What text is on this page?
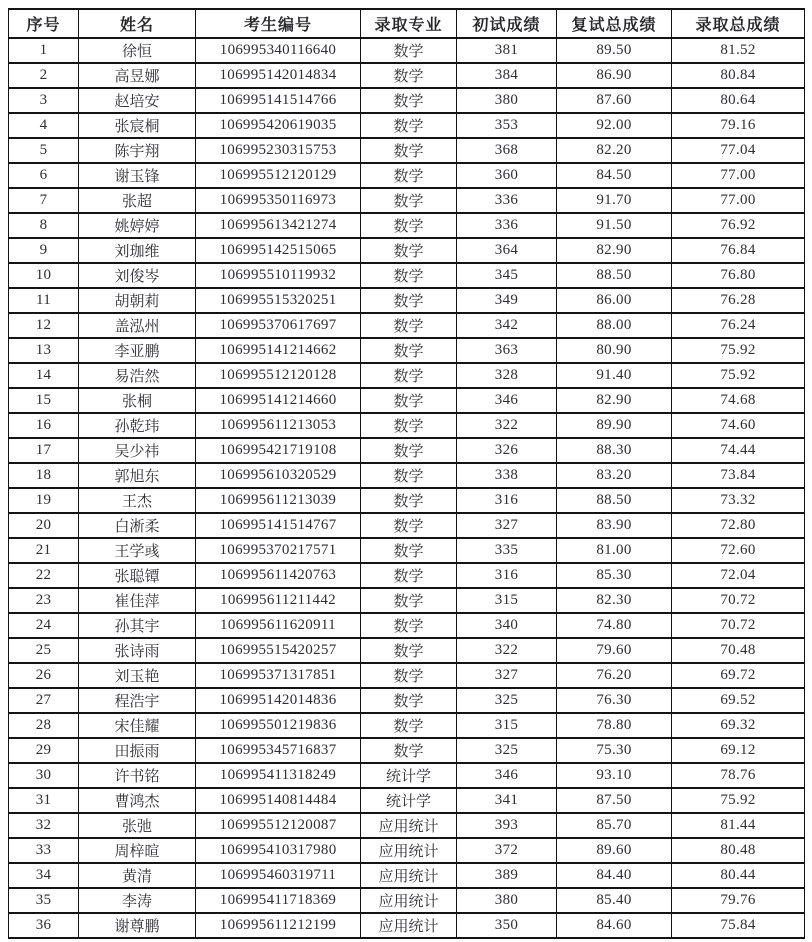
序号	姓名	考生编号	录取专业	初试成绩	复试总成绩	录取总成绩
1	徐恒	106995340116640	数学	381	89.50	81.52
2	高昱娜	106995142014834	数学	384	86.90	80.84
3	赵培安	106995141514766	数学	380	87.60	80.64
4	张宸桐	106995420619035	数学	353	92.00	79.16
5	陈宇翔	106995230315753	数学	368	82.20	77.04
6	谢玉锋	106995512120129	数学	360	84.50	77.00
7	张超	106995350116973	数学	336	91.70	77.00
8	姚婷婷	106995613421274	数学	336	91.50	76.92
9	刘珈维	106995142515065	数学	364	82.90	76.84
10	刘俊岑	106995510119932	数学	345	88.50	76.80
11	胡朝莉	106995515320251	数学	349	86.00	76.28
12	盖泓州	106995370617697	数学	342	88.00	76.24
13	李亚鹏	106995141214662	数学	363	80.90	75.92
14	易浩然	106995512120128	数学	328	91.40	75.92
15	张桐	106995141214660	数学	346	82.90	74.68
16	孙乾玮	106995611213053	数学	322	89.90	74.60
17	吴少祎	106995421719108	数学	326	88.30	74.44
18	郭旭东	106995610320529	数学	338	83.20	73.84
19	王杰	106995611213039	数学	316	88.50	73.32
20	白淅柔	106995141514767	数学	327	83.90	72.80
21	王学彧	106995370217571	数学	335	81.00	72.60
22	张聪镡	106995611420763	数学	316	85.30	72.04
23	崔佳萍	106995611211442	数学	315	82.30	70.72
24	孙其宇	106995611620911	数学	340	74.80	70.72
25	张诗雨	106995515420257	数学	322	79.60	70.48
26	刘玉艳	106995371317851	数学	327	76.20	69.72
27	程浩宇	106995142014836	数学	325	76.30	69.52
28	宋佳耀	106995501219836	数学	315	78.80	69.32
29	田振雨	106995345716837	数学	325	75.30	69.12
30	许书铭	106995411318249	统计学	346	93.10	78.76
31	曹鸿杰	106995140814484	统计学	341	87.50	75.92
32	张弛	106995512120087	应用统计	393	85.70	81.44
33	周梓暄	106995410317980	应用统计	372	89.60	80.48
34	黄清	106995460319711	应用统计	389	84.40	80.44
35	李涛	106995411718369	应用统计	380	85.40	79.76
36	谢尊鹏	106995611212199	应用统计	350	84.60	75.84
